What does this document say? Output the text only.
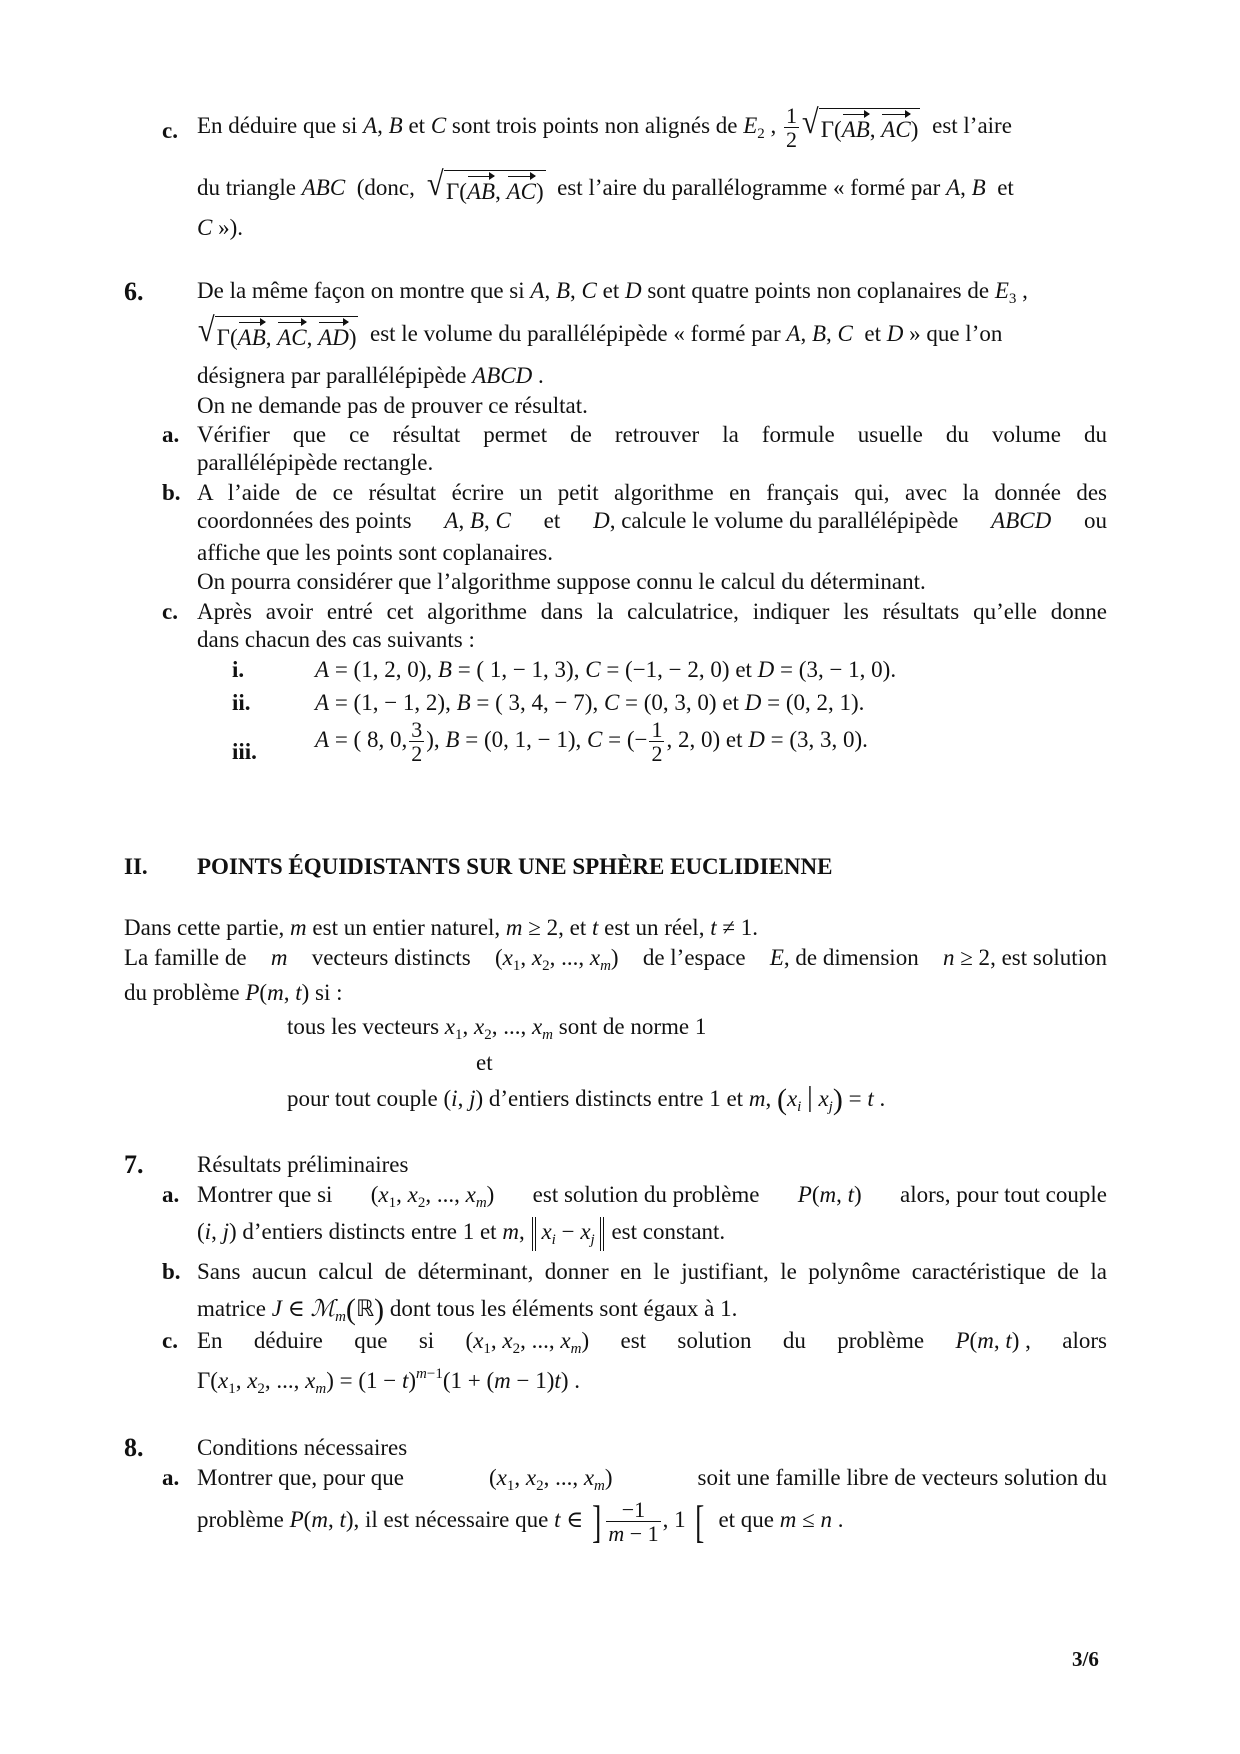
c. En déduire que si A, B et C sont trois points non alignés de $E_2$ , $\frac{1}{2}$ √ Γ(AB, AC) est l’aire
du triangle ABC (donc, √ Γ(AB, AC) est l’aire du parallélogramme « formé par A, B et
C »).
6. De la même façon on montre que si A, B, C et D sont quatre points non coplanaires de $E_3$ ,
√ Γ(AB, AC, AD) est le volume du parallélépipède « formé par A, B, C et D » que l’on
désignera par parallélépipède ABCD .
On ne demande pas de prouver ce résultat.
a. Vérifier que ce résultat permet de retrouver la formule usuelle du volume du
parallélépipède rectangle.
b. A l’aide de ce résultat écrire un petit algorithme en français qui, avec la donnée des
coordonnées des points A, B, C et D, calcule le volume du parallélépipède ABCD ou
affiche que les points sont coplanaires.
On pourra considérer que l’algorithme suppose connu le calcul du déterminant.
c. Après avoir entré cet algorithme dans la calculatrice, indiquer les résultats qu’elle donne
dans chacun des cas suivants :
i.	A = (1, 2, 0), B = ( 1, − 1, 3), C = (−1, − 2, 0) et D = (3, − 1, 0).
ii.	A = (1, − 1, 2), B = ( 3, 4, − 7), C = (0, 3, 0) et D = (0, 2, 1).
iii.	A = ( 8, 0, $\frac{3}{2}$ ), B = (0, 1, − 1), C = (− $\frac{1}{2}$ , 2, 0) et D = (3, 3, 0).
II. POINTS ÉQUIDISTANTS SUR UNE SPHÈRE EUCLIDIENNE
Dans cette partie, m est un entier naturel, m ≥ 2, et t est un réel, t ≠ 1.
La famille de m vecteurs distincts ($x_1$, $x_2$, ..., $x_m$) de l’espace E, de dimension n ≥ 2, est solution
du problème P(m, t) si :
tous les vecteurs $x_1$, $x_2$, ..., $x_m$ sont de norme 1
et
pour tout couple (i, j) d’entiers distincts entre 1 et m, ($x_i$ | $x_j) = t$ .
7. Résultats préliminaires
a. Montrer que si ($x_1$, $x_2$, ..., $x_m$) est solution du problème P(m, t) alors, pour tout couple
(i, j) d’entiers distincts entre 1 et m, $x_i - x_j$ est constant.
b. Sans aucun calcul de déterminant, donner en le justifiant, le polynôme caractéristique de la
matrice J ∈ ℳ$_m$(ℝ) dont tous les éléments sont égaux à 1.
c. En déduire que si ($x_1$, $x_2$, ..., $x_m$) est solution du problème P(m, t) , alors
$\Gamma(x_1$, $x_2$, ..., $x_m) = (1 - t)^{m-1}(1 + (m - 1)t)$ .
8. Conditions nécessaires
a. Montrer que, pour que	($x_1$, $x_2$, ..., $x_m$)	soit une famille libre de vecteurs solution du
problème P(m, t), il est nécessaire que t ∈ ] $\frac{-1}{m - 1}$ , 1 [ et que m ≤ n .
3/6
